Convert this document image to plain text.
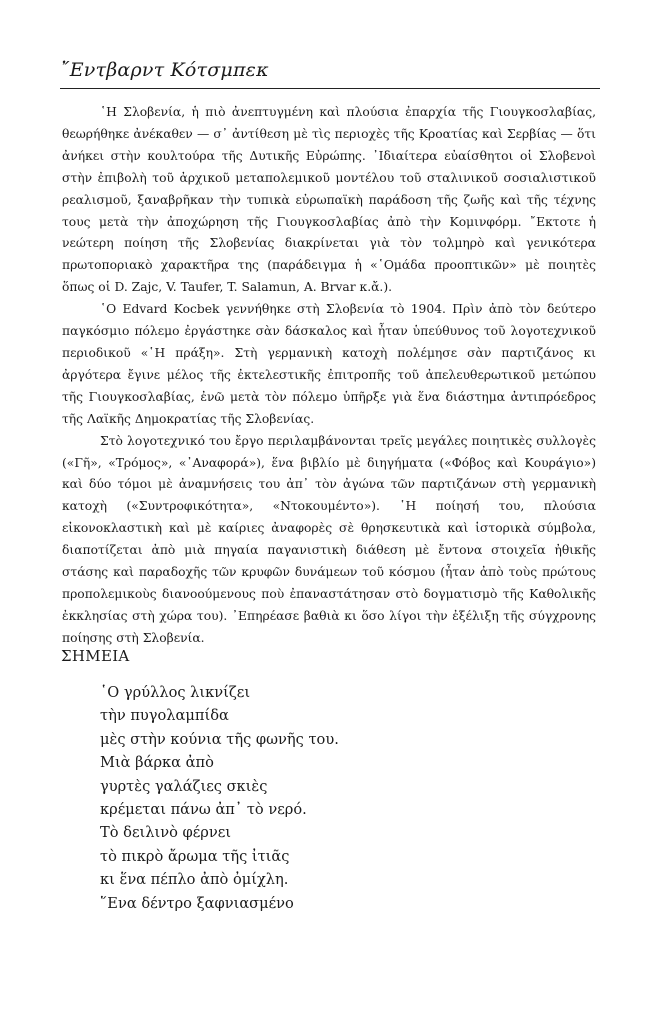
῎Εντβαρντ Κότσμπεκ

῾Η Σλοβενία, ἡ πιὸ ἀνεπτυγμένη καὶ πλούσια ἐπαρχία τῆς Γιουγκοσλαβίας, θεωρήθηκε ἀνέκαθεν — σ᾽ ἀντίθεση μὲ τὶς περιοχὲς τῆς Κροατίας καὶ Σερβίας — ὅτι ἀνήκει στὴν κουλτούρα τῆς Δυτικῆς Εὐρώπης. ᾽Ιδιαίτερα εὐαίσθητοι οἱ Σλοβενοὶ στὴν ἐπιβολὴ τοῦ ἀρχικοῦ μεταπολεμικοῦ μοντέλου τοῦ σταλινικοῦ σοσιαλιστικοῦ ρεαλισμοῦ, ξαναβρῆκαν τὴν τυπικὰ εὐρωπαϊκὴ παράδοση τῆς ζωῆς καὶ τῆς τέχνης τους μετὰ τὴν ἀποχώρηση τῆς Γιουγκοσλαβίας ἀπὸ τὴν Κομινφόρμ. ῎Εκτοτε ἡ νεώτερη ποίηση τῆς Σλοβενίας διακρίνεται γιὰ τὸν τολμηρὸ καὶ γενικότερα πρωτοποριακὸ χαρακτῆρα της (παράδειγμα ἡ «῾Ομάδα προοπτικῶν» μὲ ποιητὲς ὅπως οἱ D. Zajc, V. Taufer, T. Salamun, A. Brvar κ.ἄ.).

῾Ο Edvard Kocbek γεννήθηκε στὴ Σλοβενία τὸ 1904. Πρὶν ἀπὸ τὸν δεύτερο παγκόσμιο πόλεμο ἐργάστηκε σὰν δάσκαλος καὶ ἦταν ὑπεύθυνος τοῦ λογοτεχνικοῦ περιοδικοῦ «῾Η πράξη». Στὴ γερμανικὴ κατοχὴ πολέμησε σὰν παρτιζάνος κι ἀργότερα ἔγινε μέλος τῆς ἐκτελεστικῆς ἐπιτροπῆς τοῦ ἀπελευθερωτικοῦ μετώπου τῆς Γιουγκοσλαβίας, ἐνῶ μετὰ τὸν πόλεμο ὑπῆρξε γιὰ ἕνα διάστημα ἀντιπρόεδρος τῆς Λαϊκῆς Δημοκρατίας τῆς Σλοβενίας.

Στὸ λογοτεχνικό του ἔργο περιλαμβάνονται τρεῖς μεγάλες ποιητικὲς συλλογὲς («Γῆ», «Τρόμος», «᾽Αναφορά»), ἕνα βιβλίο μὲ διηγήματα («Φόβος καὶ Κουράγιο») καὶ δύο τόμοι μὲ ἀναμνήσεις του ἀπ᾽ τὸν ἀγώνα τῶν παρτιζάνων στὴ γερμανικὴ κατοχὴ («Συντροφικότητα», «Ντοκουμέντο»). ῾Η ποίησή του, πλούσια εἰκονοκλαστικὴ καὶ μὲ καίριες ἀναφορὲς σὲ θρησκευτικὰ καὶ ἱστορικὰ σύμβολα, διαποτίζεται ἀπὸ μιὰ πηγαία παγανιστικὴ διάθεση μὲ ἔντονα στοιχεῖα ἠθικῆς στάσης καὶ παραδοχῆς τῶν κρυφῶν δυνάμεων τοῦ κόσμου (ἦταν ἀπὸ τοὺς πρώτους προπολεμικοὺς διανοούμενους ποὺ ἐπαναστάτησαν στὸ δογματισμὸ τῆς Καθολικῆς ἐκκλησίας στὴ χώρα του). ᾽Επηρέασε βαθιὰ κι ὅσο λίγοι τὴν ἐξέλιξη τῆς σύγχρονης ποίησης στὴ Σλοβενία.

ΣΗΜΕΙΑ
῾Ο γρύλλος λικνίζει
τὴν πυγολαμπίδα
μὲς στὴν κούνια τῆς φωνῆς του.
Μιὰ βάρκα ἀπὸ
γυρτὲς γαλάζιες σκιὲς
κρέμεται πάνω ἀπ᾽ τὸ νερό.
Τὸ δειλινὸ φέρνει
τὸ πικρὸ ἄρωμα τῆς ἰτιᾶς
κι ἕνα πέπλο ἀπὸ ὀμίχλη.
῞Ενα δέντρο ξαφνιασμένο
